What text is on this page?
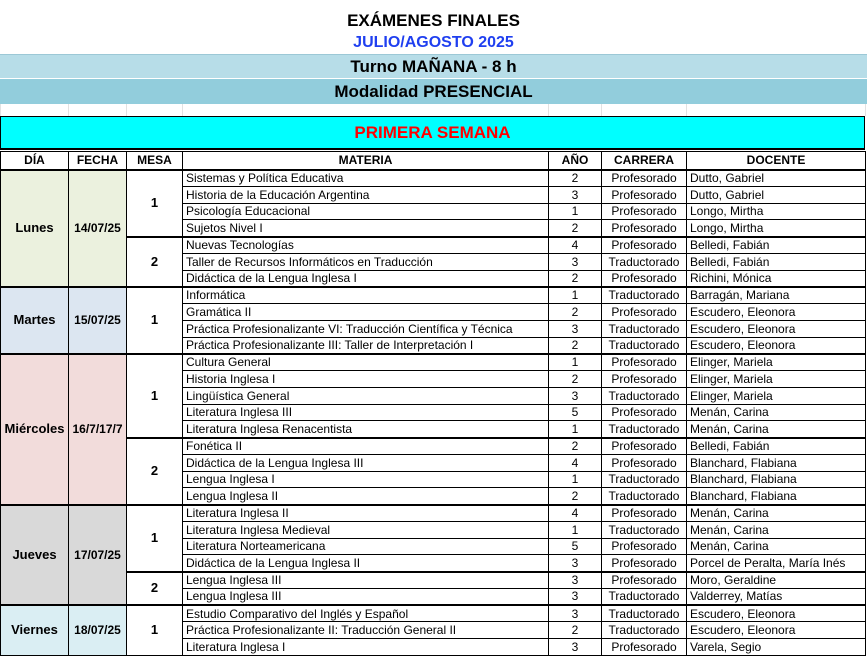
EXÁMENES FINALES
JULIO/AGOSTO 2025
Turno MAÑANA - 8 h
Modalidad PRESENCIAL
PRIMERA SEMANA
DÍA	FECHA	MESA	MATERIA	AÑO	CARRERA	DOCENTE
Lunes	14/07/25	1	Sistemas y Política Educativa	2	Profesorado	Dutto, Gabriel
			Historia de la Educación Argentina	3	Profesorado	Dutto, Gabriel
			Psicología Educacional	1	Profesorado	Longo, Mirtha
			Sujetos Nivel I	2	Profesorado	Longo, Mirtha
		2	Nuevas Tecnologías	4	Profesorado	Belledi, Fabián
			Taller de Recursos Informáticos en Traducción	3	Traductorado	Belledi, Fabián
			Didáctica de la Lengua Inglesa I	2	Profesorado	Richini, Mónica
Martes	15/07/25	1	Informática	1	Traductorado	Barragán, Mariana
			Gramática II	2	Profesorado	Escudero, Eleonora
			Práctica Profesionalizante VI: Traducción Científica y Técnica	3	Traductorado	Escudero, Eleonora
			Práctica Profesionalizante III: Taller de Interpretación I	2	Traductorado	Escudero, Eleonora
Miércoles	16/7/17/7	1	Cultura General	1	Profesorado	Elinger, Mariela
			Historia Inglesa I	2	Profesorado	Elinger, Mariela
			Lingüística General	3	Traductorado	Elinger, Mariela
			Literatura Inglesa III	5	Profesorado	Menán, Carina
			Literatura Inglesa Renacentista	1	Traductorado	Menán, Carina
		2	Fonética II	2	Profesorado	Belledi, Fabián
			Didáctica de la Lengua Inglesa III	4	Profesorado	Blanchard, Flabiana
			Lengua Inglesa I	1	Traductorado	Blanchard, Flabiana
			Lengua Inglesa II	2	Traductorado	Blanchard, Flabiana
Jueves	17/07/25	1	Literatura Inglesa II	4	Profesorado	Menán, Carina
			Literatura Inglesa Medieval	1	Traductorado	Menán, Carina
			Literatura Norteamericana	5	Profesorado	Menán, Carina
			Didáctica de la Lengua Inglesa II	3	Profesorado	Porcel de Peralta, María Inés
		2	Lengua Inglesa III	3	Profesorado	Moro, Geraldine
			Lengua Inglesa III	3	Traductorado	Valderrey, Matías
Viernes	18/07/25	1	Estudio Comparativo del Inglés y Español	3	Traductorado	Escudero, Eleonora
			Práctica Profesionalizante II: Traducción General II	2	Traductorado	Escudero, Eleonora
			Literatura Inglesa I	3	Profesorado	Varela, Segio
